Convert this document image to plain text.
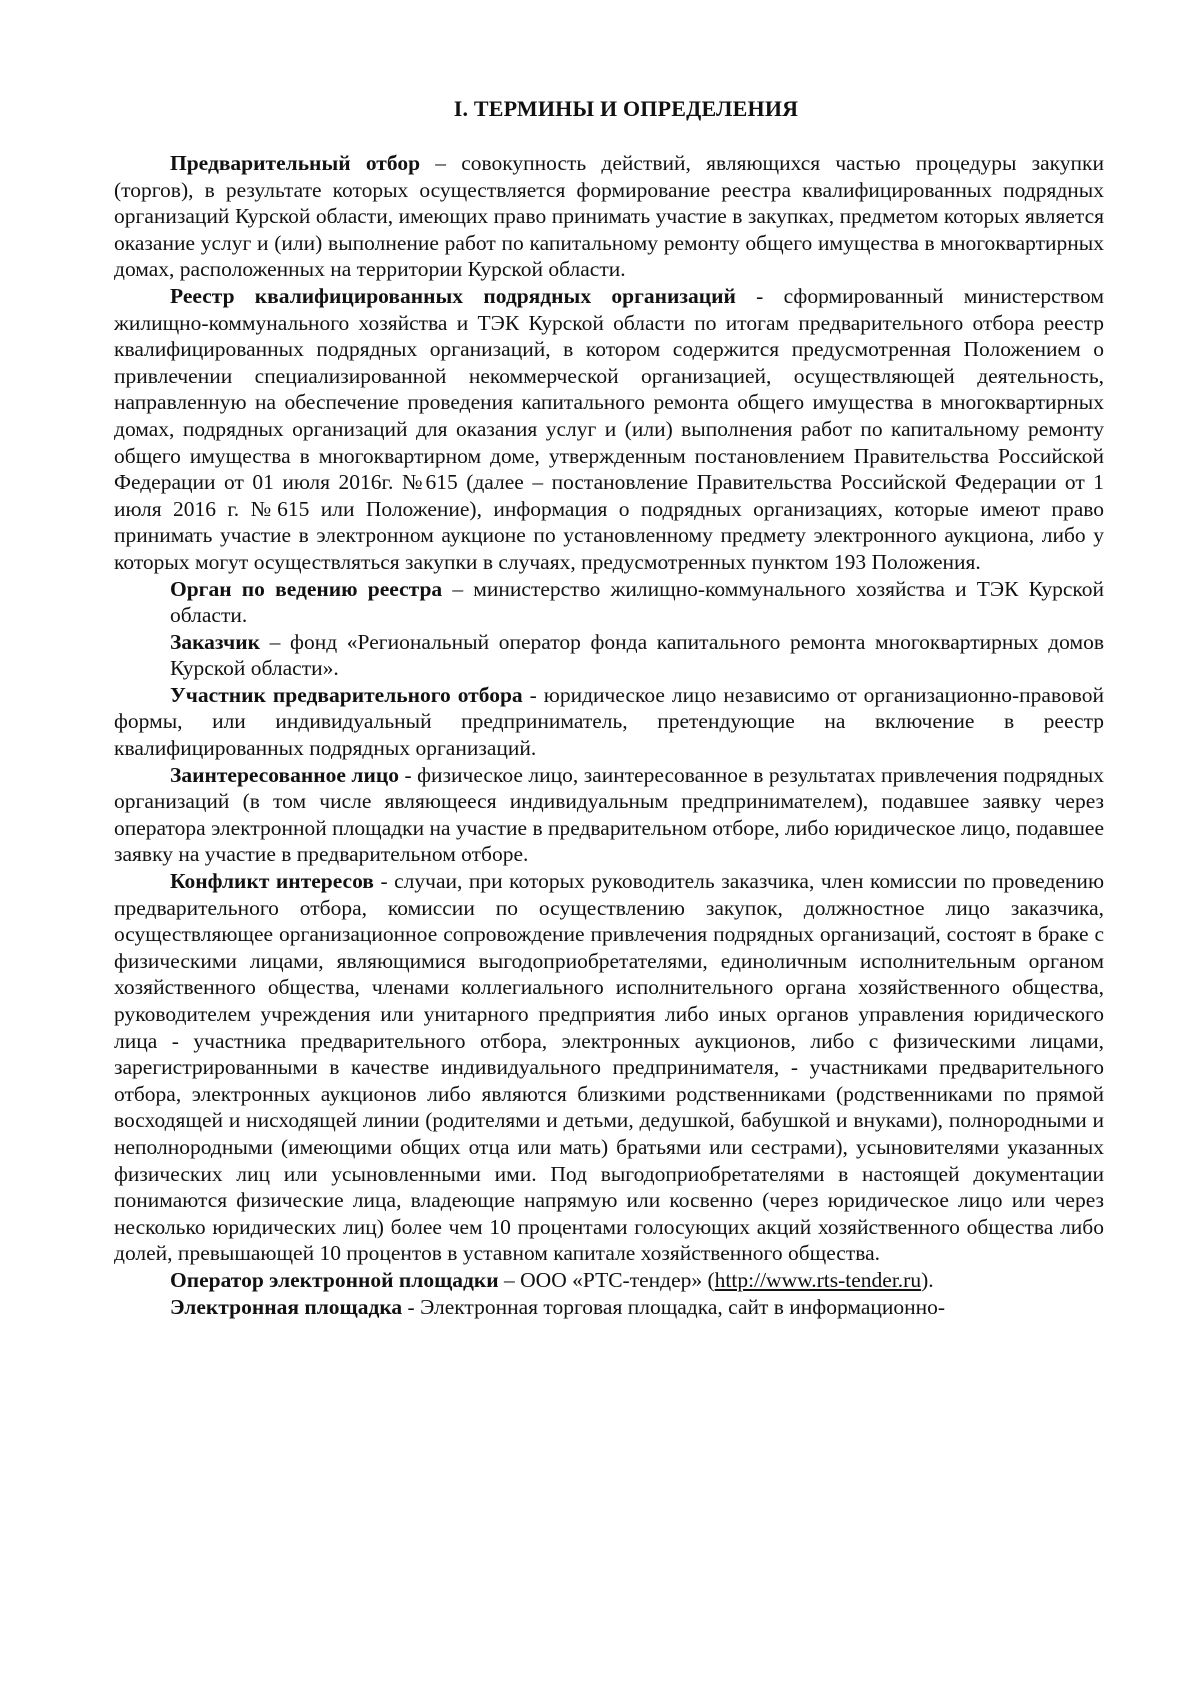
I. ТЕРМИНЫ И ОПРЕДЕЛЕНИЯ

Предварительный отбор – совокупность действий, являющихся частью процедуры закупки (торгов), в результате которых осуществляется формирование реестра квалифицированных подрядных организаций Курской области, имеющих право принимать участие в закупках, предметом которых является оказание услуг и (или) выполнение работ по капитальному ремонту общего имущества в многоквартирных домах, расположенных на территории Курской области.

Реестр квалифицированных подрядных организаций - сформированный министерством жилищно-коммунального хозяйства и ТЭК Курской области по итогам предварительного отбора реестр квалифицированных подрядных организаций, в котором содержится предусмотренная Положением о привлечении специализированной некоммерческой организацией, осуществляющей деятельность, направленную на обеспечение проведения капитального ремонта общего имущества в многоквартирных домах, подрядных организаций для оказания услуг и (или) выполнения работ по капитальному ремонту общего имущества в многоквартирном доме, утвержденным постановлением Правительства Российской Федерации от 01 июля 2016г. №615 (далее – постановление Правительства Российской Федерации от 1 июля 2016 г. №615 или Положение), информация о подрядных организациях, которые имеют право принимать участие в электронном аукционе по установленному предмету электронного аукциона, либо у которых могут осуществляться закупки в случаях, предусмотренных пунктом 193 Положения.

Орган по ведению реестра – министерство жилищно-коммунального хозяйства и ТЭК Курской области.

Заказчик – фонд «Региональный оператор фонда капитального ремонта многоквартирных домов Курской области».

Участник предварительного отбора - юридическое лицо независимо от организационно-правовой формы, или индивидуальный предприниматель, претендующие на включение в реестр квалифицированных подрядных организаций.

Заинтересованное лицо - физическое лицо, заинтересованное в результатах привлечения подрядных организаций (в том числе являющееся индивидуальным предпринимателем), подавшее заявку через оператора электронной площадки на участие в предварительном отборе, либо юридическое лицо, подавшее заявку на участие в предварительном отборе.

Конфликт интересов - случаи, при которых руководитель заказчика, член комиссии по проведению предварительного отбора, комиссии по осуществлению закупок, должностное лицо заказчика, осуществляющее организационное сопровождение привлечения подрядных организаций, состоят в браке с физическими лицами, являющимися выгодоприобретателями, единоличным исполнительным органом хозяйственного общества, членами коллегиального исполнительного органа хозяйственного общества, руководителем учреждения или унитарного предприятия либо иных органов управления юридического лица - участника предварительного отбора, электронных аукционов, либо с физическими лицами, зарегистрированными в качестве индивидуального предпринимателя, - участниками предварительного отбора, электронных аукционов либо являются близкими родственниками (родственниками по прямой восходящей и нисходящей линии (родителями и детьми, дедушкой, бабушкой и внуками), полнородными и неполнородными (имеющими общих отца или мать) братьями или сестрами), усыновителями указанных физических лиц или усыновленными ими. Под выгодоприобретателями в настоящей документации понимаются физические лица, владеющие напрямую или косвенно (через юридическое лицо или через несколько юридических лиц) более чем 10 процентами голосующих акций хозяйственного общества либо долей, превышающей 10 процентов в уставном капитале хозяйственного общества.

Оператор электронной площадки – ООО «РТС-тендер» (http://www.rts-tender.ru).

Электронная площадка - Электронная торговая площадка, сайт в информационно-
